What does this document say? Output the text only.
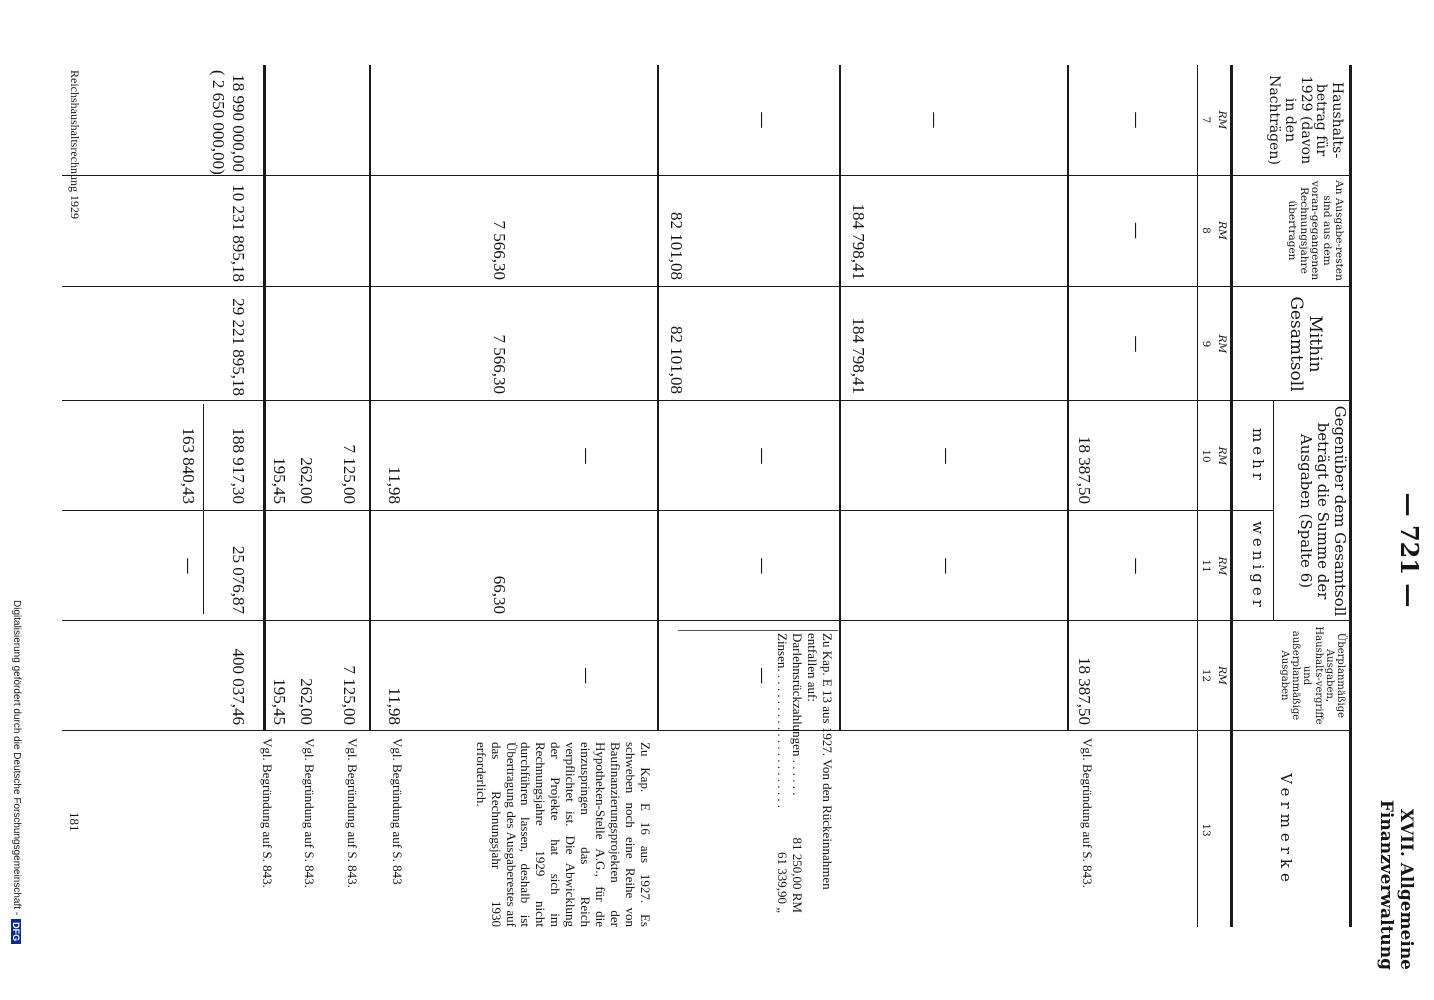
— 721 —
XVII. Allgemeine Finanzverwaltung
Haushalts-betrag für 1929 (davon in den Nachträgen)
An Ausgabe-resten sind aus dem voran-gegangenen Rechnungsjahre übertragen
Mithin Gesamtsoll
Gegenüber dem Gesamtsoll beträgt die Summe der Ausgaben (Spalte 6)
mehr
weniger
Überplanmäßige Ausgaben, Haushalts-vergriffe und außerplanmäßige Ausgaben
Vermerke
RM
7
RM
8
RM
9
RM
10
RM
11
RM
12
13
—
—
—
18 387,50
—
18 387,50
Vgl. Begründung auf S. 843.
184 798,41
184 798,41
—
—
Zu Kap. E 13 aus 1927. Von den Rückeinnahmen entfallen auf:
Darlehnsrückzahlungen . . . . . .
81 250,00 RM
Zinsen. . . . . . . . . . . . . . . . . . . . . .
61 339,90 „
—
82 101,08
82 101,08
—
—
—
Zu Kap. E 16 aus 1927. Es schweben noch eine Reihe von Baufinanzierungsprojekten der Hypotheken-Stelle A.G., für die einzuspringen das Reich verpflichtet ist. Die Abwicklung der Projekte hat sich im Rechnungsjahre 1929 nicht durchführen lassen, deshalb ist Übertragung des Ausgaberestes auf das Rechnungsjahr 1930 erforderlich.
—
7 566,30
7 566,30
—
66,30
—
11,98
11,98
Vgl. Begründung auf S. 843
7 125,00
7 125,00
Vgl. Begründung auf S. 843.
262,00
262,00
Vgl. Begründung auf S. 843.
195,45
195,45
Vgl. Begründung auf S. 843.
18 990 000,00
( 2 650 000,00)
10 231 895,18
29 221 895,18
188 917,30
25 076,87
163 840,43
—
400 037,46
Reichshaushaltsrechnung 1929
181
Digitalisierung gefördert durch die Deutsche Forschungsgemeinschaft -
DFG
